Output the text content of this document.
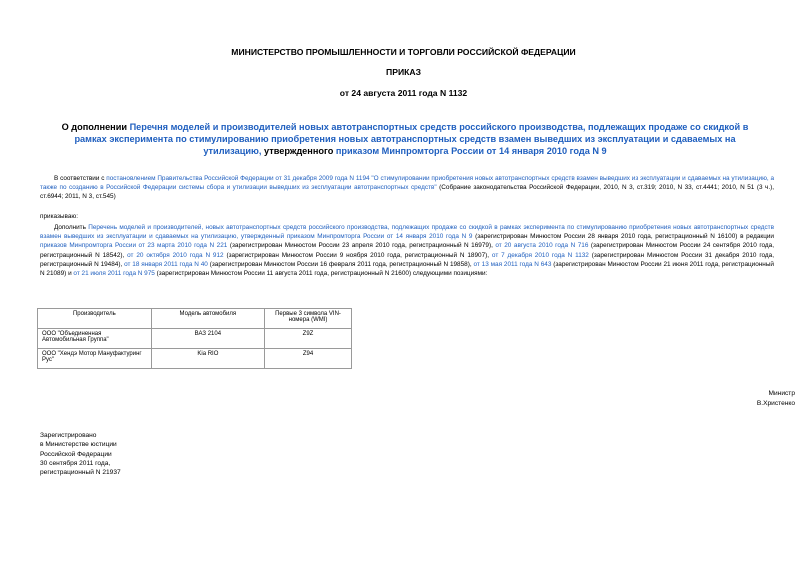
МИНИСТЕРСТВО ПРОМЫШЛЕННОСТИ И ТОРГОВЛИ РОССИЙСКОЙ ФЕДЕРАЦИИ
ПРИКАЗ
от 24 августа 2011 года N 1132
О дополнении Перечня моделей и производителей новых автотранспортных средств российского производства, подлежащих продаже со скидкой в рамках эксперимента по стимулированию приобретения новых автотранспортных средств взамен выведших из эксплуатации и сдаваемых на утилизацию, утвержденного приказом Минпромторга России от 14 января 2010 года N 9
В соответствии с постановлением Правительства Российской Федерации от 31 декабря 2009 года N 1194 "О стимулировании приобретения новых автотранспортных средств взамен выведших из эксплуатации и сдаваемых на утилизацию, а также по созданию в Российской Федерации системы сбора и утилизации выведших из эксплуатации автотранспортных средств" (Собрание законодательства Российской Федерации, 2010, N 3, ст.319; 2010, N 33, ст.4441; 2010, N 51 (3 ч.), ст.6944; 2011, N 3, ст.545)
приказываю:
Дополнить Перечень моделей и производителей, новых автотранспортных средств российского производства, подлежащих продаже со скидкой в рамках эксперимента по стимулированию приобретения новых автотранспортных средств взамен выведших из эксплуатации и сдаваемых на утилизацию, утвержденный приказом Минпромторга России от 14 января 2010 года N 9 (зарегистрирован Минюстом России 28 января 2010 года, регистрационный N 16100) в редакции приказов Минпромторга России от 23 марта 2010 года N 221 (зарегистрирован Минюстом России 23 апреля 2010 года, регистрационный N 16979), от 20 августа 2010 года N 716 (зарегистрирован Минюстом России 24 сентября 2010 года, регистрационный N 18542), от 20 октября 2010 года N 912 (зарегистрирован Минюстом России 9 ноября 2010 года, регистрационный N 18907), от 7 декабря 2010 года N 1132 (зарегистрирован Минюстом России 31 декабря 2010 года, регистрационный N 19484), от 18 января 2011 года N 40 (зарегистрирован Минюстом России 16 февраля 2011 года, регистрационный N 19858), от 13 мая 2011 года N 643 (зарегистрирован Минюстом России 21 июня 2011 года, регистрационный N 21089) и от 21 июля 2011 года N 975 (зарегистрирован Минюстом России 11 августа 2011 года, регистрационный N 21600) следующими позициями:
Производитель	Модель автомобиля	Первые 3 символа VIN-номера (WMI)
ООО "Объединенная Автомобильная Группа"	ВАЗ 2104	Z9Z
ООО "Хендэ Мотор Мануфактуринг Рус"	Kia RIO	Z94
Министр
В.Христенко
Зарегистрировано
в Министерстве юстиции
Российской Федерации
30 сентября 2011 года,
регистрационный N 21937
